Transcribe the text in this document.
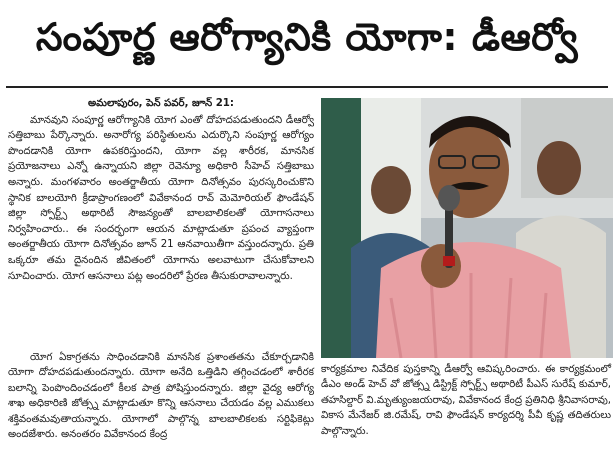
సంపూర్ణ ఆరోగ్యానికి యోగా: డీఆర్వో
అమలాపురం, పెన్ పవర్, జూన్ 21:

మానవుని సంపూర్ణ ఆరోగ్యానికి యోగ ఎంతో దోహదపడుతుందని డీఆర్వో సత్తిబాబు పేర్కొన్నారు. అనారోగ్య పరిస్థితులను ఎదుర్కొని సంపూర్ణ ఆరోగ్యం పొందడానికి యోగా ఉపకరిస్తుందని, యోగా వల్ల శారీరక, మానసిక ప్రయోజనాలు ఎన్నో ఉన్నాయని జిల్లా రెవెన్యూ అధికారి సీహెచ్ సత్తిబాబు అన్నారు. మంగళవారం అంతర్జాతీయ యోగా దినోత్సవం పురస్కరించుకొని స్థానిక బాలయోగి క్రీడాప్రాంగణంలో వివేకానంద రావ్ మెమోరియల్ ఫౌండేషన్ జిల్లా స్పోర్ట్స్ అథారిటీ సౌజన్యంతో బాలబాలికలతో యోగాసనాలు నిర్వహించారు.. ఈ సందర్భంగా ఆయన మాట్లాడుతూ ప్రపంచ వ్యాప్తంగా అంతర్జాతీయ యోగా దినోత్సవం జూన్ 21 ఆనవాయితీగా వస్తుందన్నారు. ప్రతి ఒక్కరూ తమ దైనందిన జీవితంలో యోగాను అలవాటుగా చేసుకోవాలని సూచించారు. యోగ ఆసనాలు పట్ల అందరిలో ప్రేరణ తీసుకురావాలన్నారు.

యోగ ఏకాగ్రతను సాధించడానికి మానసిక ప్రశాంతతను చేకూర్చడానికి యోగా దోహదపడుతుందన్నారు. యోగా అనేది ఒత్తిడిని తగ్గించడంలో శారీరక బలాన్ని పెంపొందించడంలో కీలక పాత్ర పోషిస్తుందన్నారు. జిల్లా వైద్య ఆరోగ్య శాఖ అధికారిణి జోత్స్న మాట్లాడుతూ కొన్ని ఆసనాలు చేయడం వల్ల ఎముకలు శక్తివంతమవుతాయన్నారు. యోగాలో పాల్గొన్న బాలబాలికలకు సర్టిఫికెట్లు అందజేశారు. అనంతరం వివేకానంద కేంద్ర

కార్యక్రమాల నివేదిక పుస్తకాన్ని డీఆర్వో ఆవిష్కరించారు. ఈ కార్యక్రమంలో డీఎం అండ్ హెచ్ వో జోత్స్న డిస్ట్రిక్ట్ స్పోర్ట్స్ అథారిటీ పీఎస్ సురేష్ కుమార్, తహసిల్దార్ వి.మృత్యుంజయరావు, వివేకానంద కేంద్ర ప్రతినిధి శ్రీనివాసరావు, వికాస మేనేజర్ జి.రమేష్, రావి ఫౌండేషన్ కార్యదర్శి పీవీ కృష్ణ తదితరులు పాల్గొన్నారు.
